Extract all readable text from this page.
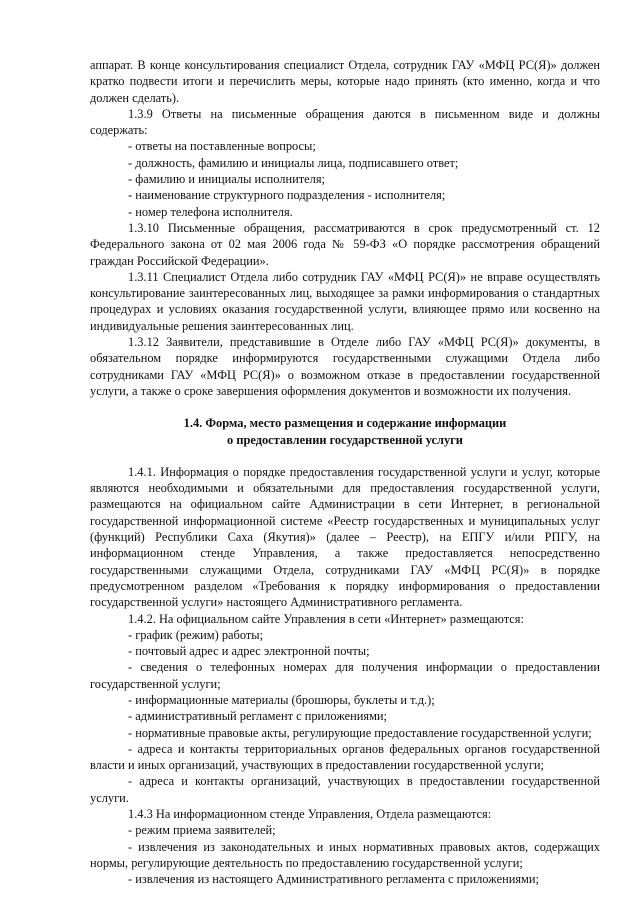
аппарат. В конце консультирования специалист Отдела, сотрудник ГАУ «МФЦ РС(Я)» должен кратко подвести итоги и перечислить меры, которые надо принять (кто именно, когда и что должен сделать).

1.3.9 Ответы на письменные обращения даются в письменном виде и должны содержать:

- ответы на поставленные вопросы;

- должность, фамилию и инициалы лица, подписавшего ответ;

- фамилию и инициалы исполнителя;

- наименование структурного подразделения - исполнителя;

- номер телефона исполнителя.

1.3.10 Письменные обращения, рассматриваются в срок предусмотренный ст. 12 Федерального закона от 02 мая 2006 года № 59-ФЗ «О порядке рассмотрения обращений граждан Российской Федерации».

1.3.11 Специалист Отдела либо сотрудник ГАУ «МФЦ РС(Я)» не вправе осуществлять консультирование заинтересованных лиц, выходящее за рамки информирования о стандартных процедурах и условиях оказания государственной услуги, влияющее прямо или косвенно на индивидуальные решения заинтересованных лиц.

1.3.12 Заявители, представившие в Отделе либо ГАУ «МФЦ РС(Я)» документы, в обязательном порядке информируются государственными служащими Отдела либо сотрудниками ГАУ «МФЦ РС(Я)» о возможном отказе в предоставлении государственной услуги, а также о сроке завершения оформления документов и возможности их получения.

1.4. Форма, место размещения и содержание информации
о предоставлении государственной услуги

1.4.1. Информация о порядке предоставления государственной услуги и услуг, которые являются необходимыми и обязательными для предоставления государственной услуги, размещаются на официальном сайте Администрации в сети Интернет, в региональной государственной информационной системе «Реестр государственных и муниципальных услуг (функций) Республики Саха (Якутия)» (далее – Реестр), на ЕПГУ и/или РПГУ, на информационном стенде Управления, а также предоставляется непосредственно государственными служащими Отдела, сотрудниками ГАУ «МФЦ РС(Я)» в порядке предусмотренном разделом «Требования к порядку информирования о предоставлении государственной услуги» настоящего Административного регламента.

1.4.2. На официальном сайте Управления в сети «Интернет» размещаются:

- график (режим) работы;

- почтовый адрес и адрес электронной почты;

- сведения о телефонных номерах для получения информации о предоставлении государственной услуги;

- информационные материалы (брошюры, буклеты и т.д.);

- административный регламент с приложениями;

- нормативные правовые акты, регулирующие предоставление государственной услуги;

- адреса и контакты территориальных органов федеральных органов государственной власти и иных организаций, участвующих в предоставлении государственной услуги;

- адреса и контакты организаций, участвующих в предоставлении государственной услуги.

1.4.3 На информационном стенде Управления, Отдела размещаются:

- режим приема заявителей;

- извлечения из законодательных и иных нормативных правовых актов, содержащих нормы, регулирующие деятельность по предоставлению государственной услуги;

- извлечения из настоящего Административного регламента с приложениями;
